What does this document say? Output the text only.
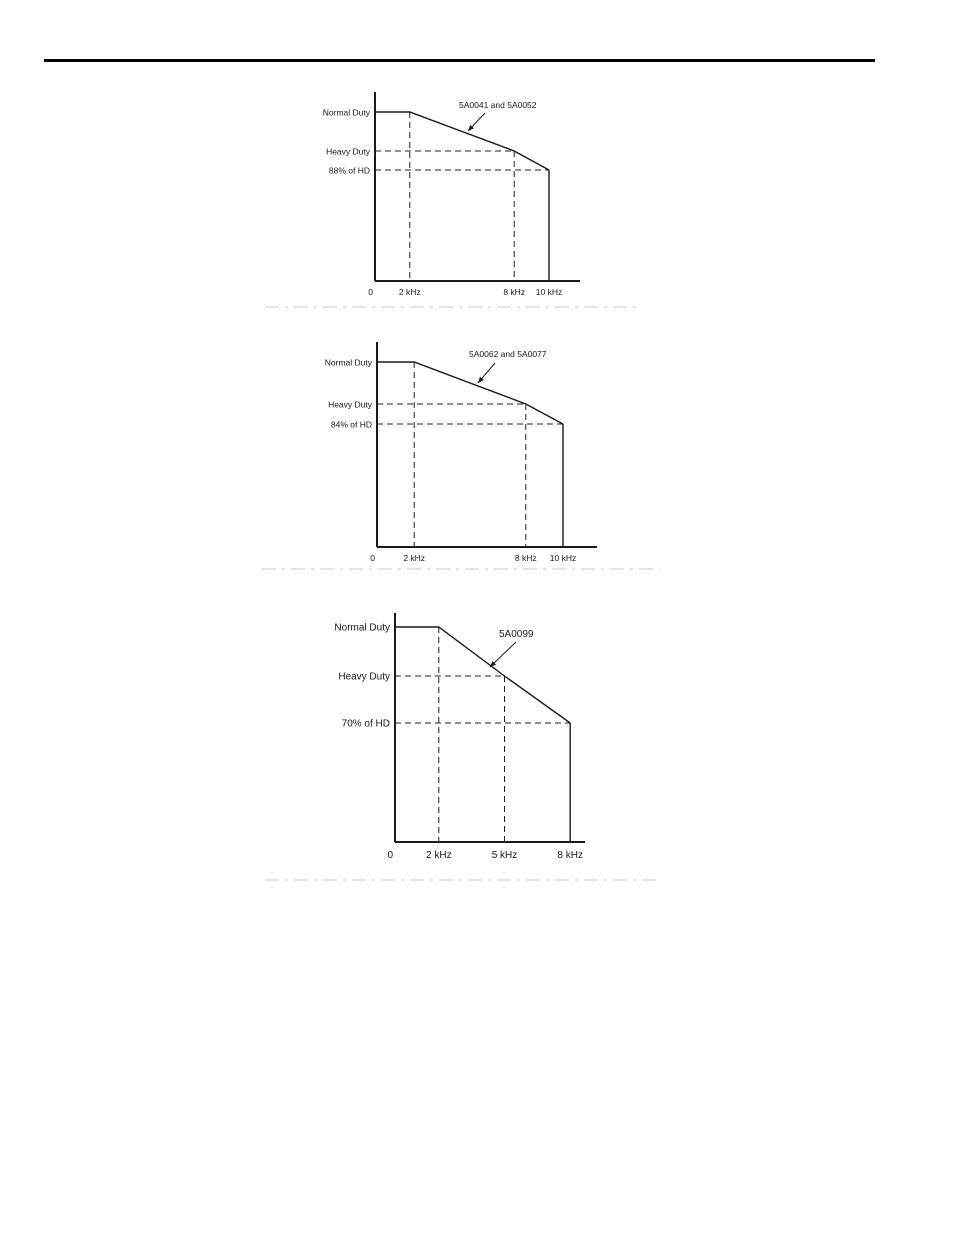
Normal Duty
Heavy Duty
88% of HD
0	2 kHz	8 kHz 10 kHz
5A0041 and 5A0052
Normal Duty
Heavy Duty
84% of HD
0	2 kHz	8 kHz 10 kHz
5A0062 and 5A0077
Normal Duty
Heavy Duty
70% of HD
0	2 kHz	5 kHz	8 kHz
5A0099
